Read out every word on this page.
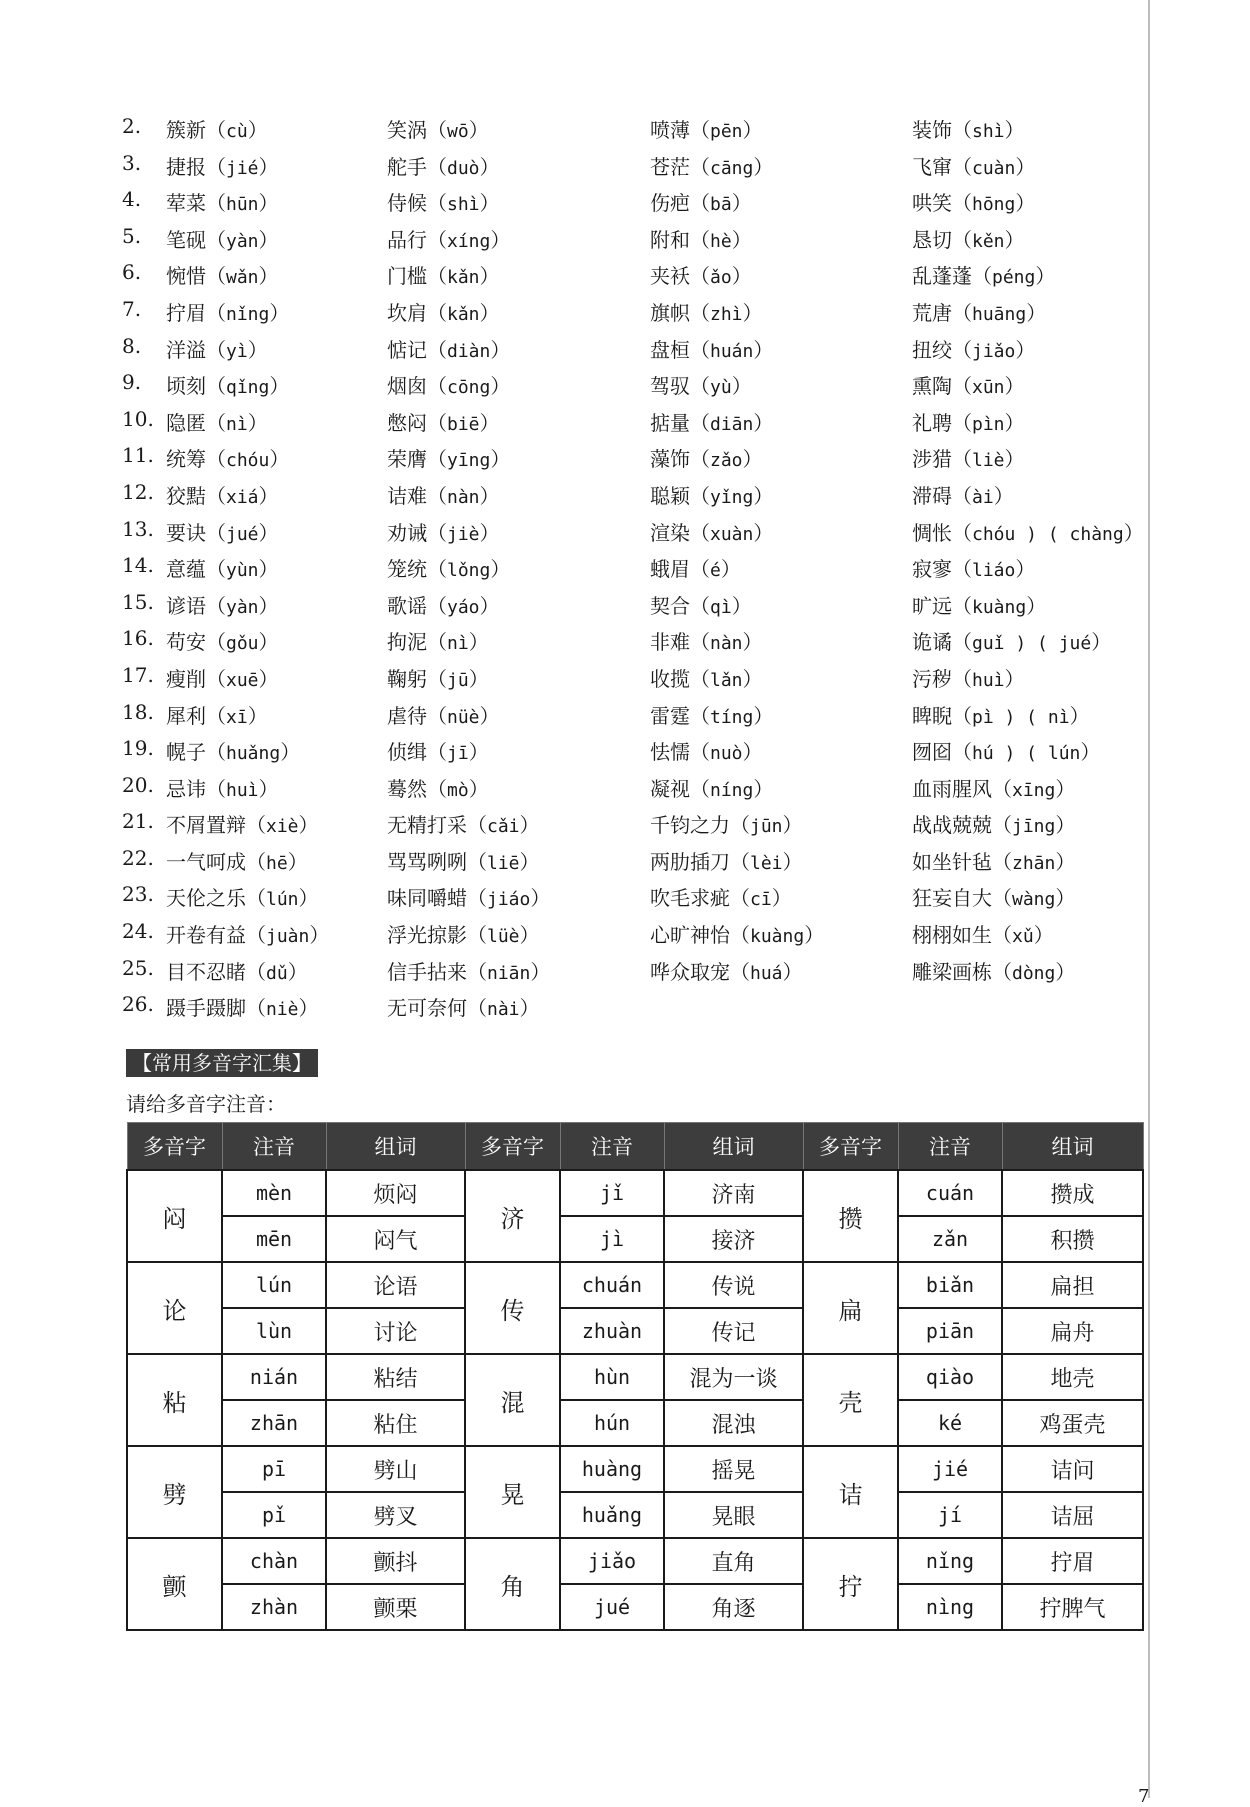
2.	簇新（cù）	笑涡（wō）	喷薄（pēn）	装饰（shì）
3.	捷报（jié）	舵手（duò）	苍茫（cāng）	飞窜（cuàn）
4.	荤菜（hūn）	侍候（shì）	伤疤（bā）	哄笑（hōng）
5.	笔砚（yàn）	品行（xíng）	附和（hè）	恳切（kěn）
6.	惋惜（wǎn）	门槛（kǎn）	夹袄（ǎo）	乱蓬蓬（péng）
7.	拧眉（nǐng）	坎肩（kǎn）	旗帜（zhì）	荒唐（huāng）
8.	洋溢（yì）	惦记（diàn）	盘桓（huán）	扭绞（jiǎo）
9.	顷刻（qǐng）	烟囱（cōng）	驾驭（yù）	熏陶（xūn）
10. 隐匿（nì）	憋闷（biē）	掂量（diān）	礼聘（pìn）
11. 统筹（chóu）	荣膺（yīng）	藻饰（zǎo）	涉猎（liè）
12. 狡黠（xiá）	诘难（nàn）	聪颖（yǐng）	滞碍（ài）
13. 要诀（jué）	劝诫（jiè）	渲染（xuàn）	惆怅（chóu ) ( chàng）
14. 意蕴（yùn）	笼统（lǒng）	蛾眉（é）	寂寥（liáo）
15. 谚语（yàn）	歌谣（yáo）	契合（qì）	旷远（kuàng）
16. 苟安（gǒu）	拘泥（nì）	非难（nàn）	诡谲（guǐ ) ( jué）
17. 瘦削（xuē）	鞠躬（jū）	收揽（lǎn）	污秽（huì）
18. 犀利（xī）	虐待（nüè）	雷霆（tíng）	睥睨（pì ) ( nì）
19. 幌子（huǎng）	侦缉（jī）	怯懦（nuò）	囫囵（hú ) ( lún）
20. 忌讳（huì）	蓦然（mò）	凝视（níng）	血雨腥风（xīng）
21. 不屑置辩（xiè）	无精打采（cǎi）	千钧之力（jūn）	战战兢兢（jīng）
22. 一气呵成（hē）	骂骂咧咧（liē）	两肋插刀（lèi）	如坐针毡（zhān）
23. 天伦之乐（lún）	味同嚼蜡（jiáo）	吹毛求疵（cī）	狂妄自大（wàng）
24. 开卷有益（juàn）	浮光掠影（lüè）	心旷神怡（kuàng）	栩栩如生（xǔ）
25. 目不忍睹（dǔ）	信手拈来（niān）	哗众取宠（huá）	雕梁画栋（dòng）
26. 蹑手蹑脚（niè）	无可奈何（nài）
【常用多音字汇集】
请给多音字注音：
多音字	注音	组词	多音字	注音	组词	多音字	注音	组词
闷	mèn	烦闷	济	jǐ	济南	攒	cuán	攒成
	mēn	闷气		jì	接济		zǎn	积攒
论	lún	论语	传	chuán	传说	扁	biǎn	扁担
	lùn	讨论		zhuàn	传记		piān	扁舟
粘	nián	粘结	混	hùn	混为一谈	壳	qiào	地壳
	zhān	粘住		hún	混浊		ké	鸡蛋壳
劈	pī	劈山	晃	huàng	摇晃	诘	jié	诘问
	pǐ	劈叉		huǎng	晃眼		jí	诘屈
颤	chàn	颤抖	角	jiǎo	直角	拧	nǐng	拧眉
	zhàn	颤栗		jué	角逐		nìng	拧脾气
7
